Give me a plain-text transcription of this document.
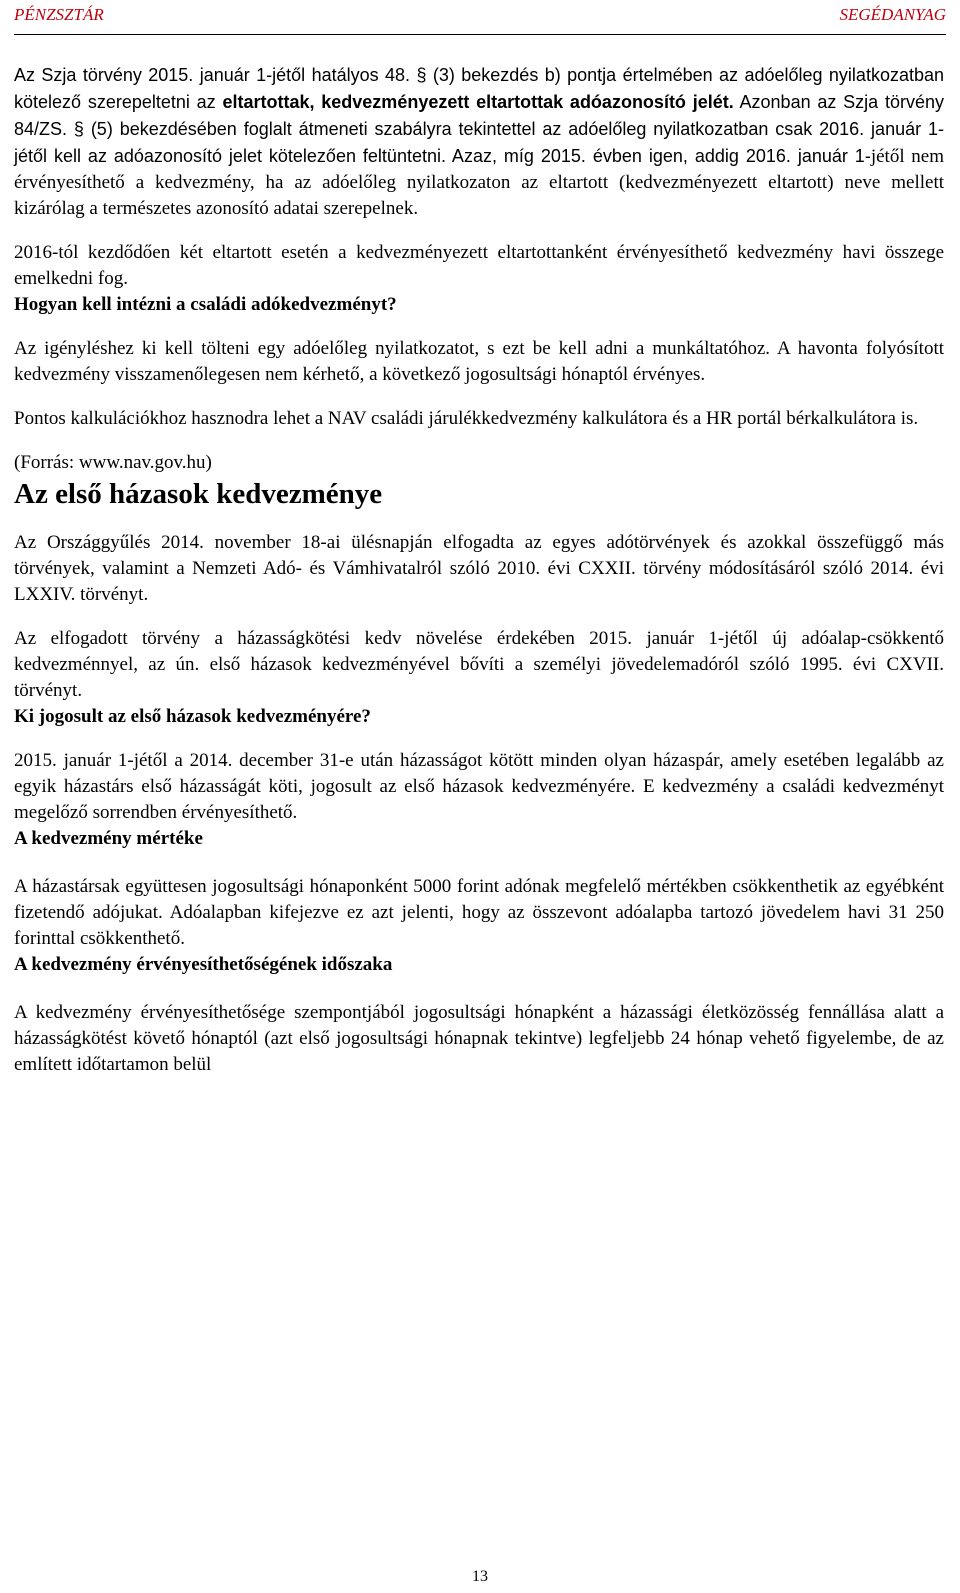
PÉNZSZTÁR	SEGÉDANYAG

Az Szja törvény 2015. január 1-jétől hatályos 48. § (3) bekezdés b) pontja értelmében az adóelőleg nyilatkozatban kötelező szerepeltetni az eltartottak, kedvezményezett eltartottak adóazonosító jelét. Azonban az Szja törvény 84/ZS. § (5) bekezdésében foglalt átmeneti szabályra tekintettel az adóelőleg nyilatkozatban csak 2016. január 1-jétől kell az adóazonosító jelet kötelezően feltüntetni. Azaz, míg 2015. évben igen, addig 2016. január 1-jétől nem érvényesíthető a kedvezmény, ha az adóelőleg nyilatkozaton az eltartott (kedvezményezett eltartott) neve mellett kizárólag a természetes azonosító adatai szerepelnek.

2016-tól kezdődően két eltartott esetén a kedvezményezett eltartottanként érvényesíthető kedvezmény havi összege emelkedni fog.

Hogyan kell intézni a családi adókedvezményt?

Az igényléshez ki kell tölteni egy adóelőleg nyilatkozatot, s ezt be kell adni a munkáltatóhoz. A havonta folyósított kedvezmény visszamenőlegesen nem kérhető, a következő jogosultsági hónaptól érvényes.

Pontos kalkulációkhoz hasznodra lehet a NAV családi járulékkedvezmény kalkulátora és a HR portál bérkalkulátora is.

(Forrás: www.nav.gov.hu)

Az első házasok kedvezménye

Az Országgyűlés 2014. november 18-ai ülésnapján elfogadta az egyes adótörvények és azokkal összefüggő más törvények, valamint a Nemzeti Adó- és Vámhivatalról szóló 2010. évi CXXII. törvény módosításáról szóló 2014. évi LXXIV. törvényt.

Az elfogadott törvény a házasságkötési kedv növelése érdekében 2015. január 1-jétől új adóalap-csökkentő kedvezménnyel, az ún. első házasok kedvezményével bővíti a személyi jövedelemadóról szóló 1995. évi CXVII. törvényt.

Ki jogosult az első házasok kedvezményére?

2015. január 1-jétől a 2014. december 31-e után házasságot kötött minden olyan házaspár, amely esetében legalább az egyik házastárs első házasságát köti, jogosult az első házasok kedvezményére. E kedvezmény a családi kedvezményt megelőző sorrendben érvényesíthető.

A kedvezmény mértéke

A házastársak együttesen jogosultsági hónaponként 5000 forint adónak megfelelő mértékben csökkenthetik az egyébként fizetendő adójukat. Adóalapban kifejezve ez azt jelenti, hogy az összevont adóalapba tartozó jövedelem havi 31 250 forinttal csökkenthető.

A kedvezmény érvényesíthetőségének időszaka

A kedvezmény érvényesíthetősége szempontjából jogosultsági hónapként a házassági életközösség fennállása alatt a házasságkötést követő hónaptól (azt első jogosultsági hónapnak tekintve) legfeljebb 24 hónap vehető figyelembe, de az említett időtartamon belül

13
